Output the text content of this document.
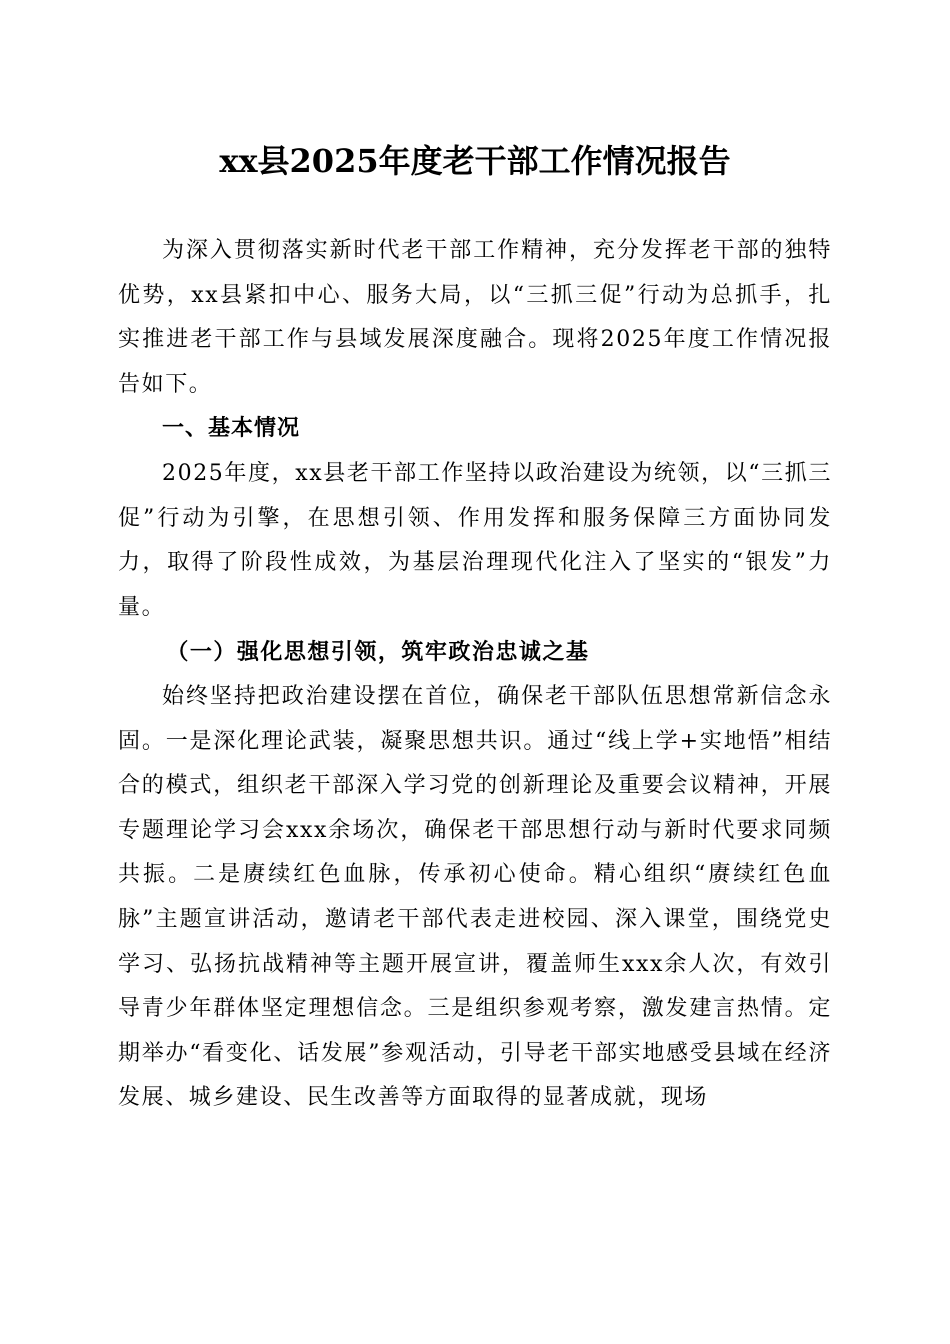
xx县2025年度老干部工作情况报告

为深入贯彻落实新时代老干部工作精神，充分发挥老干部的独特优势，xx县紧扣中心、服务大局，以“三抓三促”行动为总抓手，扎实推进老干部工作与县域发展深度融合。现将2025年度工作情况报告如下。

一、基本情况

2025年度，xx县老干部工作坚持以政治建设为统领，以“三抓三促”行动为引擎，在思想引领、作用发挥和服务保障三方面协同发力，取得了阶段性成效，为基层治理现代化注入了坚实的“银发”力量。

（一）强化思想引领，筑牢政治忠诚之基

始终坚持把政治建设摆在首位，确保老干部队伍思想常新信念永固。一是深化理论武装，凝聚思想共识。通过“线上学+实地悟”相结合的模式，组织老干部深入学习党的创新理论及重要会议精神，开展专题理论学习会xxx余场次，确保老干部思想行动与新时代要求同频共振。二是赓续红色血脉，传承初心使命。精心组织“赓续红色血脉”主题宣讲活动，邀请老干部代表走进校园、深入课堂，围绕党史学习、弘扬抗战精神等主题开展宣讲，覆盖师生xxx余人次，有效引导青少年群体坚定理想信念。三是组织参观考察，激发建言热情。定期举办“看变化、话发展”参观活动，引导老干部实地感受县域在经济发展、城乡建设、民生改善等方面取得的显著成就，现场
